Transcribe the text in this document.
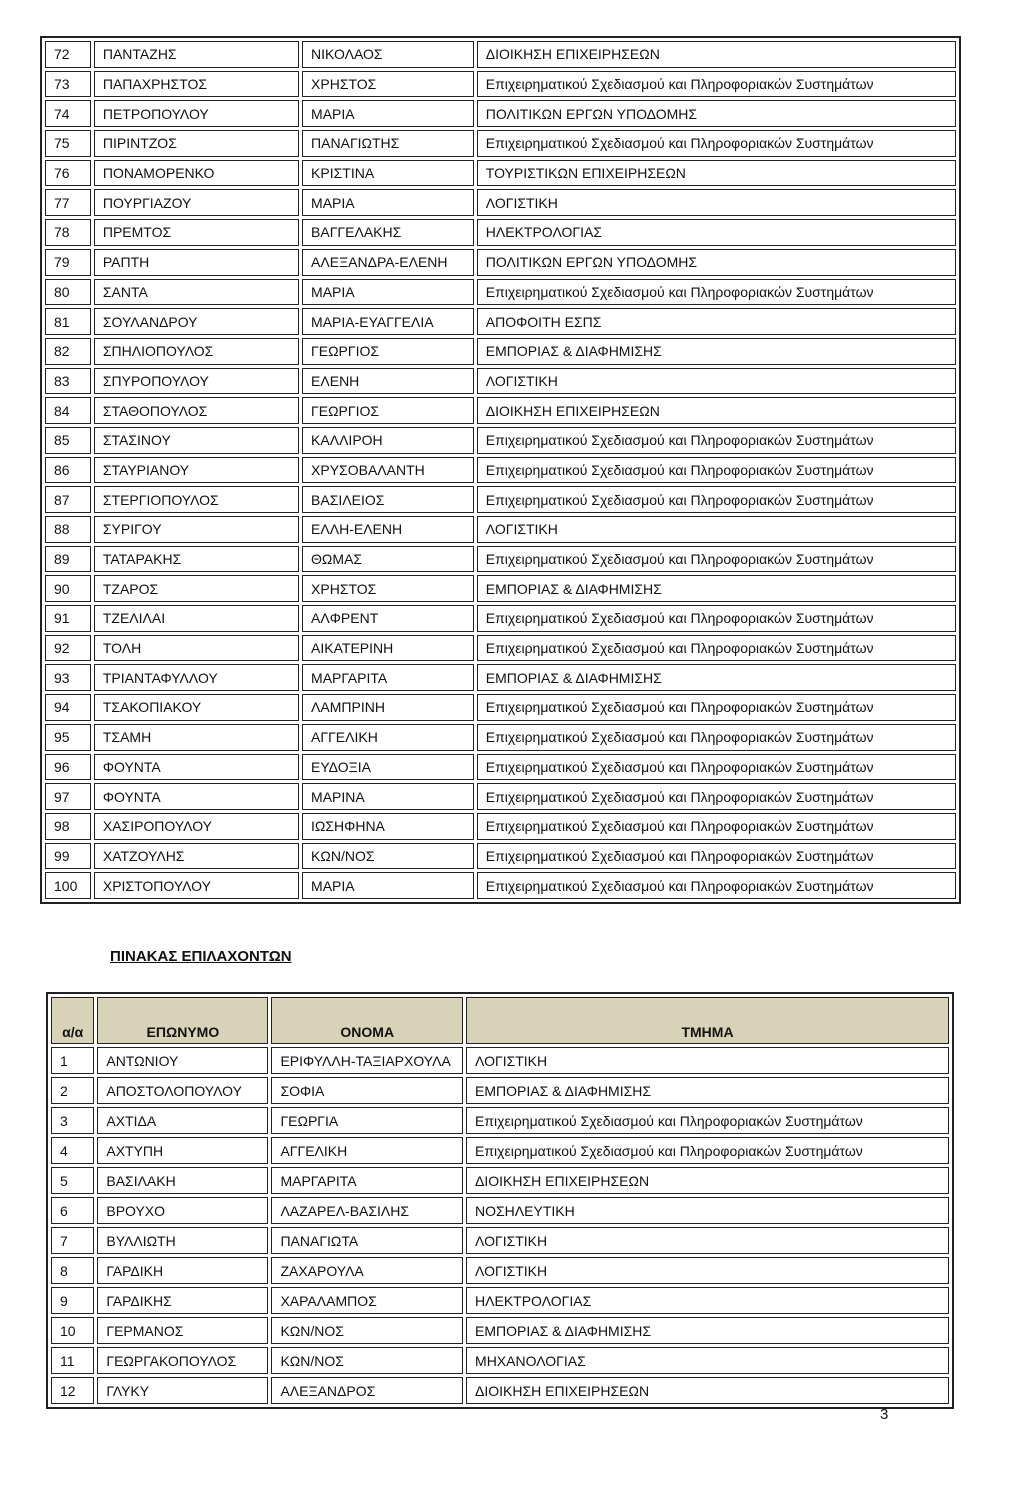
72	ΠΑΝΤΑΖΗΣ	ΝΙΚΟΛΑΟΣ	ΔΙΟΙΚΗΣΗ ΕΠΙΧΕΙΡΗΣΕΩΝ
73	ΠΑΠΑΧΡΗΣΤΟΣ	ΧΡΗΣΤΟΣ	Επιχειρηματικού Σχεδιασμού και Πληροφοριακών Συστημάτων
74	ΠΕΤΡΟΠΟΥΛΟΥ	ΜΑΡΙΑ	ΠΟΛΙΤΙΚΩΝ ΕΡΓΩΝ ΥΠΟΔΟΜΗΣ
75	ΠΙΡΙΝΤΖΟΣ	ΠΑΝΑΓΙΩΤΗΣ	Επιχειρηματικού Σχεδιασμού και Πληροφοριακών Συστημάτων
76	ΠΟΝΑΜΟΡΕΝΚΟ	ΚΡΙΣΤΙΝΑ	ΤΟΥΡΙΣΤΙΚΩΝ ΕΠΙΧΕΙΡΗΣΕΩΝ
77	ΠΟΥΡΓΙΑΖΟΥ	ΜΑΡΙΑ	ΛΟΓΙΣΤΙΚΗ
78	ΠΡΕΜΤΟΣ	ΒΑΓΓΕΛΑΚΗΣ	ΗΛΕΚΤΡΟΛΟΓΙΑΣ
79	ΡΑΠΤΗ	ΑΛΕΞΑΝΔΡΑ-ΕΛΕΝΗ	ΠΟΛΙΤΙΚΩΝ ΕΡΓΩΝ ΥΠΟΔΟΜΗΣ
80	ΣΑΝΤΑ	ΜΑΡΙΑ	Επιχειρηματικού Σχεδιασμού και Πληροφοριακών Συστημάτων
81	ΣΟΥΛΑΝΔΡΟΥ	ΜΑΡΙΑ-ΕΥΑΓΓΕΛΙΑ	ΑΠΟΦΟΙΤΗ ΕΣΠΣ
82	ΣΠΗΛΙΟΠΟΥΛΟΣ	ΓΕΩΡΓΙΟΣ	ΕΜΠΟΡΙΑΣ & ΔΙΑΦΗΜΙΣΗΣ
83	ΣΠΥΡΟΠΟΥΛΟΥ	ΕΛΕΝΗ	ΛΟΓΙΣΤΙΚΗ
84	ΣΤΑΘΟΠΟΥΛΟΣ	ΓΕΩΡΓΙΟΣ	ΔΙΟΙΚΗΣΗ ΕΠΙΧΕΙΡΗΣΕΩΝ
85	ΣΤΑΣΙΝΟΥ	ΚΑΛΛΙΡΟΗ	Επιχειρηματικού Σχεδιασμού και Πληροφοριακών Συστημάτων
86	ΣΤΑΥΡΙΑΝΟΥ	ΧΡΥΣΟΒΑΛΑΝΤΗ	Επιχειρηματικού Σχεδιασμού και Πληροφοριακών Συστημάτων
87	ΣΤΕΡΓΙΟΠΟΥΛΟΣ	ΒΑΣΙΛΕΙΟΣ	Επιχειρηματικού Σχεδιασμού και Πληροφοριακών Συστημάτων
88	ΣΥΡΙΓΟΥ	ΕΛΛΗ-ΕΛΕΝΗ	ΛΟΓΙΣΤΙΚΗ
89	ΤΑΤΑΡΑΚΗΣ	ΘΩΜΑΣ	Επιχειρηματικού Σχεδιασμού και Πληροφοριακών Συστημάτων
90	ΤΖΑΡΟΣ	ΧΡΗΣΤΟΣ	ΕΜΠΟΡΙΑΣ & ΔΙΑΦΗΜΙΣΗΣ
91	ΤΖΕΛΙΛΑΙ	ΑΛΦΡΕΝΤ	Επιχειρηματικού Σχεδιασμού και Πληροφοριακών Συστημάτων
92	ΤΟΛΗ	ΑΙΚΑΤΕΡΙΝΗ	Επιχειρηματικού Σχεδιασμού και Πληροφοριακών Συστημάτων
93	ΤΡΙΑΝΤΑΦΥΛΛΟΥ	ΜΑΡΓΑΡΙΤΑ	ΕΜΠΟΡΙΑΣ & ΔΙΑΦΗΜΙΣΗΣ
94	ΤΣΑΚΟΠΙΑΚΟΥ	ΛΑΜΠΡΙΝΗ	Επιχειρηματικού Σχεδιασμού και Πληροφοριακών Συστημάτων
95	ΤΣΑΜΗ	ΑΓΓΕΛΙΚΗ	Επιχειρηματικού Σχεδιασμού και Πληροφοριακών Συστημάτων
96	ΦΟΥΝΤΑ	ΕΥΔΟΞΙΑ	Επιχειρηματικού Σχεδιασμού και Πληροφοριακών Συστημάτων
97	ΦΟΥΝΤΑ	ΜΑΡΙΝΑ	Επιχειρηματικού Σχεδιασμού και Πληροφοριακών Συστημάτων
98	ΧΑΣΙΡΟΠΟΥΛΟΥ	ΙΩΣΗΦΗΝΑ	Επιχειρηματικού Σχεδιασμού και Πληροφοριακών Συστημάτων
99	ΧΑΤΖΟΥΛΗΣ	ΚΩΝ/ΝΟΣ	Επιχειρηματικού Σχεδιασμού και Πληροφοριακών Συστημάτων
100	ΧΡΙΣΤΟΠΟΥΛΟΥ	ΜΑΡΙΑ	Επιχειρηματικού Σχεδιασμού και Πληροφοριακών Συστημάτων
ΠΙΝΑΚΑΣ ΕΠΙΛΑΧΟΝΤΩΝ
α/α	ΕΠΩΝΥΜΟ	ΟΝΟΜΑ	ΤΜΗΜΑ
1	ΑΝΤΩΝΙΟΥ	ΕΡΙΦΥΛΛΗ-ΤΑΞΙΑΡΧΟΥΛΑ	ΛΟΓΙΣΤΙΚΗ
2	ΑΠΟΣΤΟΛΟΠΟΥΛΟΥ	ΣΟΦΙΑ	ΕΜΠΟΡΙΑΣ & ΔΙΑΦΗΜΙΣΗΣ
3	ΑΧΤΙΔΑ	ΓΕΩΡΓΙΑ	Επιχειρηματικού Σχεδιασμού και Πληροφοριακών Συστημάτων
4	ΑΧΤΥΠΗ	ΑΓΓΕΛΙΚΗ	Επιχειρηματικού Σχεδιασμού και Πληροφοριακών Συστημάτων
5	ΒΑΣΙΛΑΚΗ	ΜΑΡΓΑΡΙΤΑ	ΔΙΟΙΚΗΣΗ ΕΠΙΧΕΙΡΗΣΕΩΝ
6	ΒΡΟΥΧΟ	ΛΑΖΑΡΕΛ-ΒΑΣΙΛΗΣ	ΝΟΣΗΛΕΥΤΙΚΗ
7	ΒΥΛΛΙΩΤΗ	ΠΑΝΑΓΙΩΤΑ	ΛΟΓΙΣΤΙΚΗ
8	ΓΑΡΔΙΚΗ	ΖΑΧΑΡΟΥΛΑ	ΛΟΓΙΣΤΙΚΗ
9	ΓΑΡΔΙΚΗΣ	ΧΑΡΑΛΑΜΠΟΣ	ΗΛΕΚΤΡΟΛΟΓΙΑΣ
10	ΓΕΡΜΑΝΟΣ	ΚΩΝ/ΝΟΣ	ΕΜΠΟΡΙΑΣ & ΔΙΑΦΗΜΙΣΗΣ
11	ΓΕΩΡΓΑΚΟΠΟΥΛΟΣ	ΚΩΝ/ΝΟΣ	ΜΗΧΑΝΟΛΟΓΙΑΣ
12	ΓΛΥΚΥ	ΑΛΕΞΑΝΔΡΟΣ	ΔΙΟΙΚΗΣΗ ΕΠΙΧΕΙΡΗΣΕΩΝ
3
